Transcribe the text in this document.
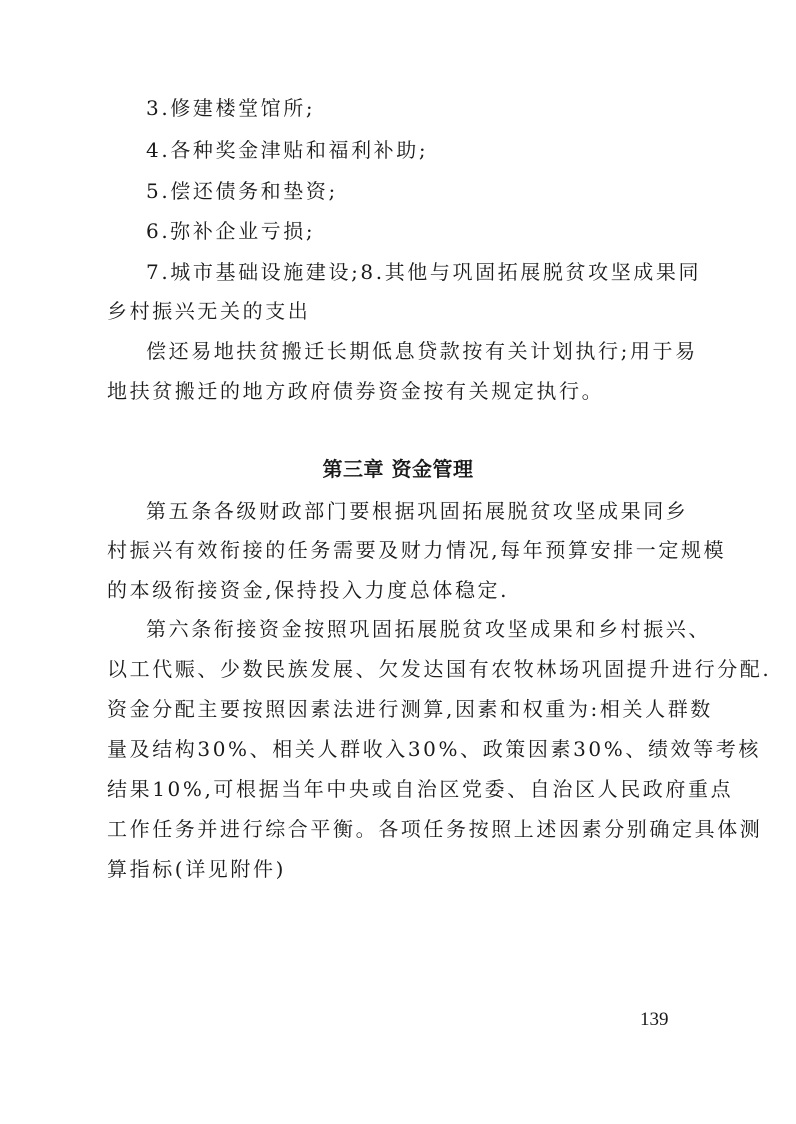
3.修建楼堂馆所;
4.各种奖金津贴和福利补助;
5.偿还债务和垫资;
6.弥补企业亏损;
7.城市基础设施建设;8.其他与巩固拓展脱贫攻坚成果同
乡村振兴无关的支出
偿还易地扶贫搬迁长期低息贷款按有关计划执行;用于易
地扶贫搬迁的地方政府债券资金按有关规定执行。
第三章 资金管理
第五条各级财政部门要根据巩固拓展脱贫攻坚成果同乡
村振兴有效衔接的任务需要及财力情况,每年预算安排一定规模
的本级衔接资金,保持投入力度总体稳定.
第六条衔接资金按照巩固拓展脱贫攻坚成果和乡村振兴、
以工代赈、少数民族发展、欠发达国有农牧林场巩固提升进行分配.
资金分配主要按照因素法进行测算,因素和权重为:相关人群数
量及结构30%、相关人群收入30%、政策因素30%、绩效等考核
结果10%,可根据当年中央或自治区党委、自治区人民政府重点
工作任务并进行综合平衡。各项任务按照上述因素分别确定具体测
算指标(详见附件)
139
